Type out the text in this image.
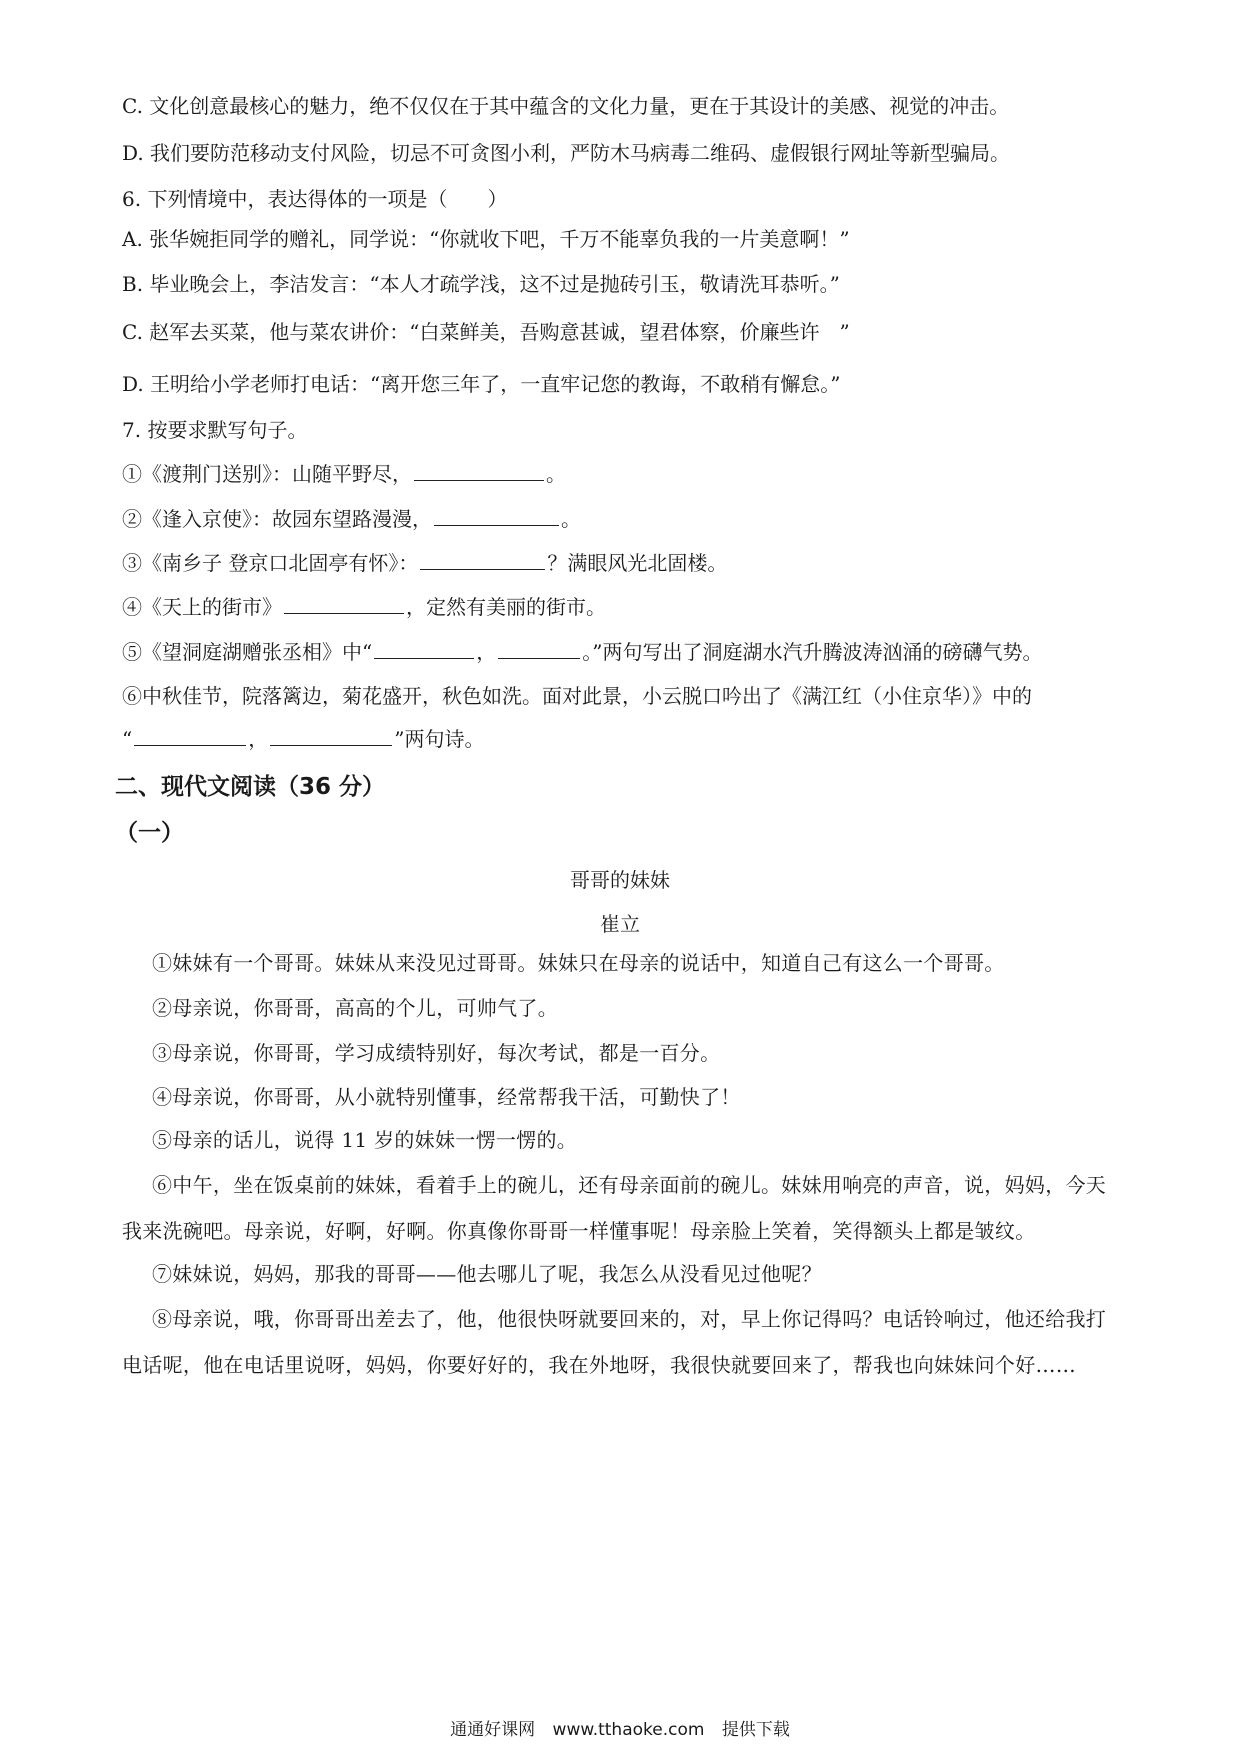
C. 文化创意最核心的魅力，绝不仅仅在于其中蕴含的文化力量，更在于其设计的美感、视觉的冲击。
D. 我们要防范移动支付风险，切忌不可贪图小利，严防木马病毒二维码、虚假银行网址等新型骗局。
6. 下列情境中，表达得体的一项是（　　）
A. 张华婉拒同学的赠礼，同学说：“你就收下吧，千万不能辜负我的一片美意啊！”
B. 毕业晚会上，李洁发言：“本人才疏学浅，这不过是抛砖引玉，敬请洗耳恭听。”
C. 赵军去买菜，他与菜农讲价：“白菜鲜美，吾购意甚诚，望君体察，价廉些许　”
D. 王明给小学老师打电话：“离开您三年了，一直牢记您的教诲，不敢稍有懈怠。”
7. 按要求默写句子。
①《渡荆门送别》：山随平野尽，	。
②《逢入京使》：故园东望路漫漫，	。
③《南乡子 登京口北固亭有怀》：	？满眼风光北固楼。
④《天上的街市》	，定然有美丽的街市。
⑤《望洞庭湖赠张丞相》中“	，	。”两句写出了洞庭湖水汽升腾波涛汹涌的磅礴气势。
⑥中秋佳节，院落篱边，菊花盛开，秋色如洗。面对此景，小云脱口吟出了《满江红（小住京华）》中的
“	，	”两句诗。
二、现代文阅读（36 分）
（一）
哥哥的妹妹
崔立
①妹妹有一个哥哥。妹妹从来没见过哥哥。妹妹只在母亲的说话中，知道自己有这么一个哥哥。
②母亲说，你哥哥，高高的个儿，可帅气了。
③母亲说，你哥哥，学习成绩特别好，每次考试，都是一百分。
④母亲说，你哥哥，从小就特别懂事，经常帮我干活，可勤快了！
⑤母亲的话儿，说得 11 岁的妹妹一愣一愣的。
⑥中午，坐在饭桌前的妹妹，看着手上的碗儿，还有母亲面前的碗儿。妹妹用响亮的声音，说，妈妈，今天我来洗碗吧。母亲说，好啊，好啊。你真像你哥哥一样懂事呢！母亲脸上笑着，笑得额头上都是皱纹。
⑦妹妹说，妈妈，那我的哥哥——他去哪儿了呢，我怎么从没看见过他呢？
⑧母亲说，哦，你哥哥出差去了，他，他很快呀就要回来的，对，早上你记得吗？电话铃响过，他还给我打电话呢，他在电话里说呀，妈妈，你要好好的，我在外地呀，我很快就要回来了，帮我也向妹妹问个好……
通通好课网 www.tthaoke.com 提供下载
